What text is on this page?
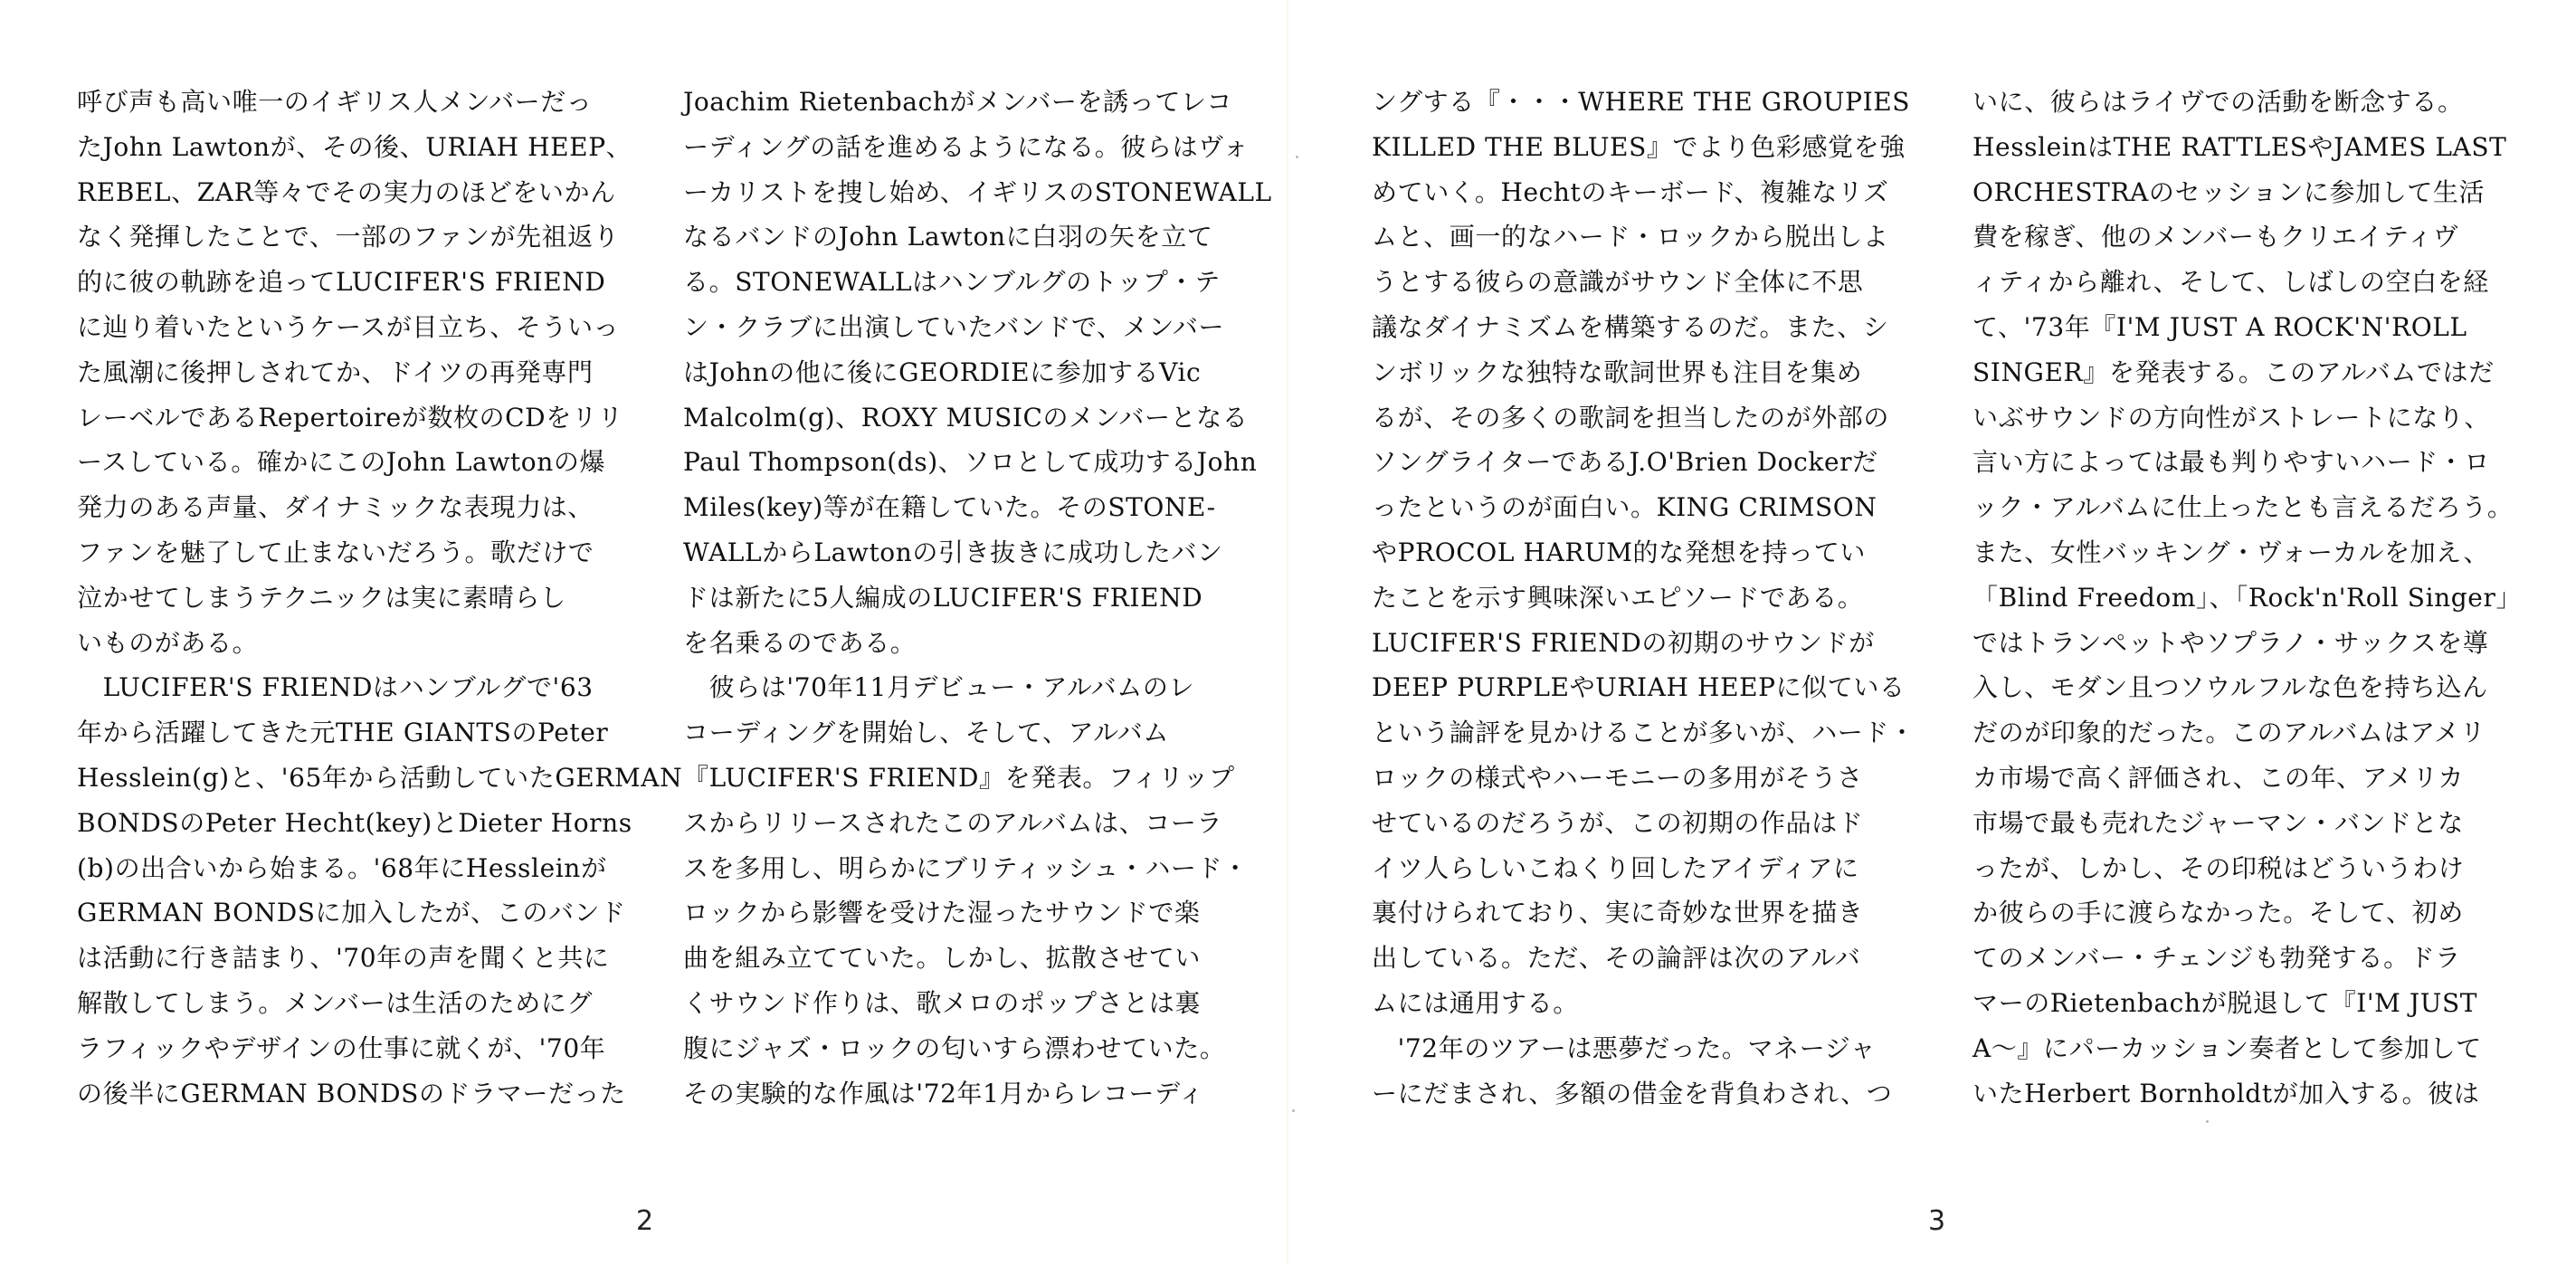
呼び声も高い唯一のイギリス人メンバーだっ
たJohn Lawtonが、その後、URIAH HEEP、
REBEL、ZAR等々でその実力のほどをいかん
なく発揮したことで、一部のファンが先祖返り
的に彼の軌跡を追ってLUCIFER'S FRIEND
に辿り着いたというケースが目立ち、そういっ
た風潮に後押しされてか、ドイツの再発専門
レーベルであるRepertoireが数枚のCDをリリ
ースしている。確かにこのJohn Lawtonの爆
発力のある声量、ダイナミックな表現力は、
ファンを魅了して止まないだろう。歌だけで
泣かせてしまうテクニックは実に素晴らし
いものがある。
　LUCIFER'S FRIENDはハンブルグで'63
年から活躍してきた元THE GIANTSのPeter
Hesslein(g)と、'65年から活動していたGERMAN
BONDSのPeter Hecht(key)とDieter Horns
(b)の出合いから始まる。'68年にHessleinが
GERMAN BONDSに加入したが、このバンド
は活動に行き詰まり、'70年の声を聞くと共に
解散してしまう。メンバーは生活のためにグ
ラフィックやデザインの仕事に就くが、'70年
の後半にGERMAN BONDSのドラマーだった
Joachim Rietenbachがメンバーを誘ってレコ
ーディングの話を進めるようになる。彼らはヴォ
ーカリストを捜し始め、イギリスのSTONEWALL
なるバンドのJohn Lawtonに白羽の矢を立て
る。STONEWALLはハンブルグのトップ・テ
ン・クラブに出演していたバンドで、メンバー
はJohnの他に後にGEORDIEに参加するVic
Malcolm(g)、ROXY MUSICのメンバーとなる
Paul Thompson(ds)、ソロとして成功するJohn
Miles(key)等が在籍していた。そのSTONE-
WALLからLawtonの引き抜きに成功したバン
ドは新たに5人編成のLUCIFER'S FRIEND
を名乗るのである。
　彼らは'70年11月デビュー・アルバムのレ
コーディングを開始し、そして、アルバム
『LUCIFER'S FRIEND』を発表。フィリップ
スからリリースされたこのアルバムは、コーラ
スを多用し、明らかにブリティッシュ・ハード・
ロックから影響を受けた湿ったサウンドで楽
曲を組み立てていた。しかし、拡散させてい
くサウンド作りは、歌メロのポップさとは裏
腹にジャズ・ロックの匂いすら漂わせていた。
その実験的な作風は'72年1月からレコーディ
2
ングする『・・・WHERE THE GROUPIES
KILLED THE BLUES』でより色彩感覚を強
めていく。Hechtのキーボード、複雑なリズ
ムと、画一的なハード・ロックから脱出しよ
うとする彼らの意識がサウンド全体に不思
議なダイナミズムを構築するのだ。また、シ
ンボリックな独特な歌詞世界も注目を集め
るが、その多くの歌詞を担当したのが外部の
ソングライターであるJ.O'Brien Dockerだ
ったというのが面白い。KING CRIMSON
やPROCOL HARUM的な発想を持ってい
たことを示す興味深いエピソードである。
LUCIFER'S FRIENDの初期のサウンドが
DEEP PURPLEやURIAH HEEPに似ている
という論評を見かけることが多いが、ハード・
ロックの様式やハーモニーの多用がそうさ
せているのだろうが、この初期の作品はド
イツ人らしいこねくり回したアイディアに
裏付けられており、実に奇妙な世界を描き
出している。ただ、その論評は次のアルバ
ムには通用する。
　'72年のツアーは悪夢だった。マネージャ
ーにだまされ、多額の借金を背負わされ、つ
いに、彼らはライヴでの活動を断念する。
HessleinはTHE RATTLESやJAMES LAST
ORCHESTRAのセッションに参加して生活
費を稼ぎ、他のメンバーもクリエイティヴ
ィティから離れ、そして、しばしの空白を経
て、'73年『I'M JUST A ROCK'N'ROLL
SINGER』を発表する。このアルバムではだ
いぶサウンドの方向性がストレートになり、
言い方によっては最も判りやすいハード・ロ
ック・アルバムに仕上ったとも言えるだろう。
また、女性バッキング・ヴォーカルを加え、
「Blind Freedom」、「Rock'n'Roll Singer」
ではトランペットやソプラノ・サックスを導
入し、モダン且つソウルフルな色を持ち込ん
だのが印象的だった。このアルバムはアメリ
カ市場で高く評価され、この年、アメリカ
市場で最も売れたジャーマン・バンドとな
ったが、しかし、その印税はどういうわけ
か彼らの手に渡らなかった。そして、初め
てのメンバー・チェンジも勃発する。ドラ
マーのRietenbachが脱退して『I'M JUST
A～』にパーカッション奏者として参加して
いたHerbert Bornholdtが加入する。彼は
3
